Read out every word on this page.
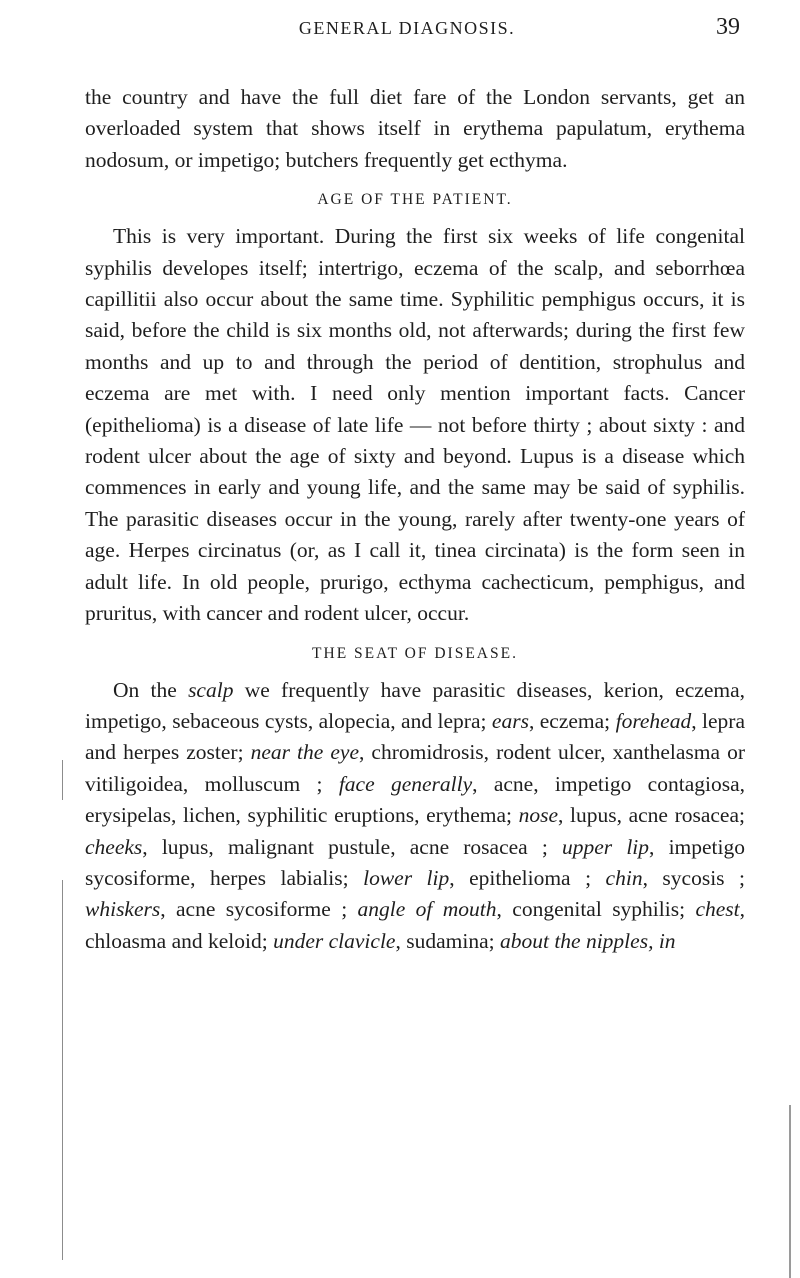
GENERAL DIAGNOSIS.	39

the country and have the full diet fare of the London servants, get an overloaded system that shows itself in erythema papulatum, erythema nodosum, or impetigo; butchers frequently get ecthyma.

AGE OF THE PATIENT.

This is very important. During the first six weeks of life congenital syphilis developes itself; intertrigo, eczema of the scalp, and seborrhœa capillitii also occur about the same time. Syphilitic pemphigus occurs, it is said, before the child is six months old, not afterwards; during the first few months and up to and through the period of dentition, strophulus and eczema are met with. I need only mention important facts. Cancer (epithelioma) is a disease of late life — not before thirty ; about sixty : and rodent ulcer about the age of sixty and beyond. Lupus is a disease which commences in early and young life, and the same may be said of syphilis. The parasitic diseases occur in the young, rarely after twenty-one years of age. Herpes circinatus (or, as I call it, tinea circinata) is the form seen in adult life. In old people, prurigo, ecthyma cachecticum, pemphigus, and pruritus, with cancer and rodent ulcer, occur.

THE SEAT OF DISEASE.

On the scalp we frequently have parasitic diseases, kerion, eczema, impetigo, sebaceous cysts, alopecia, and lepra; ears, eczema; forehead, lepra and herpes zoster; near the eye, chromidrosis, rodent ulcer, xanthelasma or vitiligoidea, molluscum ; face generally, acne, impetigo contagiosa, erysipelas, lichen, syphilitic eruptions, erythema; nose, lupus, acne rosacea; cheeks, lupus, malignant pustule, acne rosacea ; upper lip, impetigo sycosiforme, herpes labialis; lower lip, epithelioma ; chin, sycosis ; whiskers, acne sycosiforme ; angle of mouth, congenital syphilis; chest, chloasma and keloid; under clavicle, sudamina; about the nipples, in
